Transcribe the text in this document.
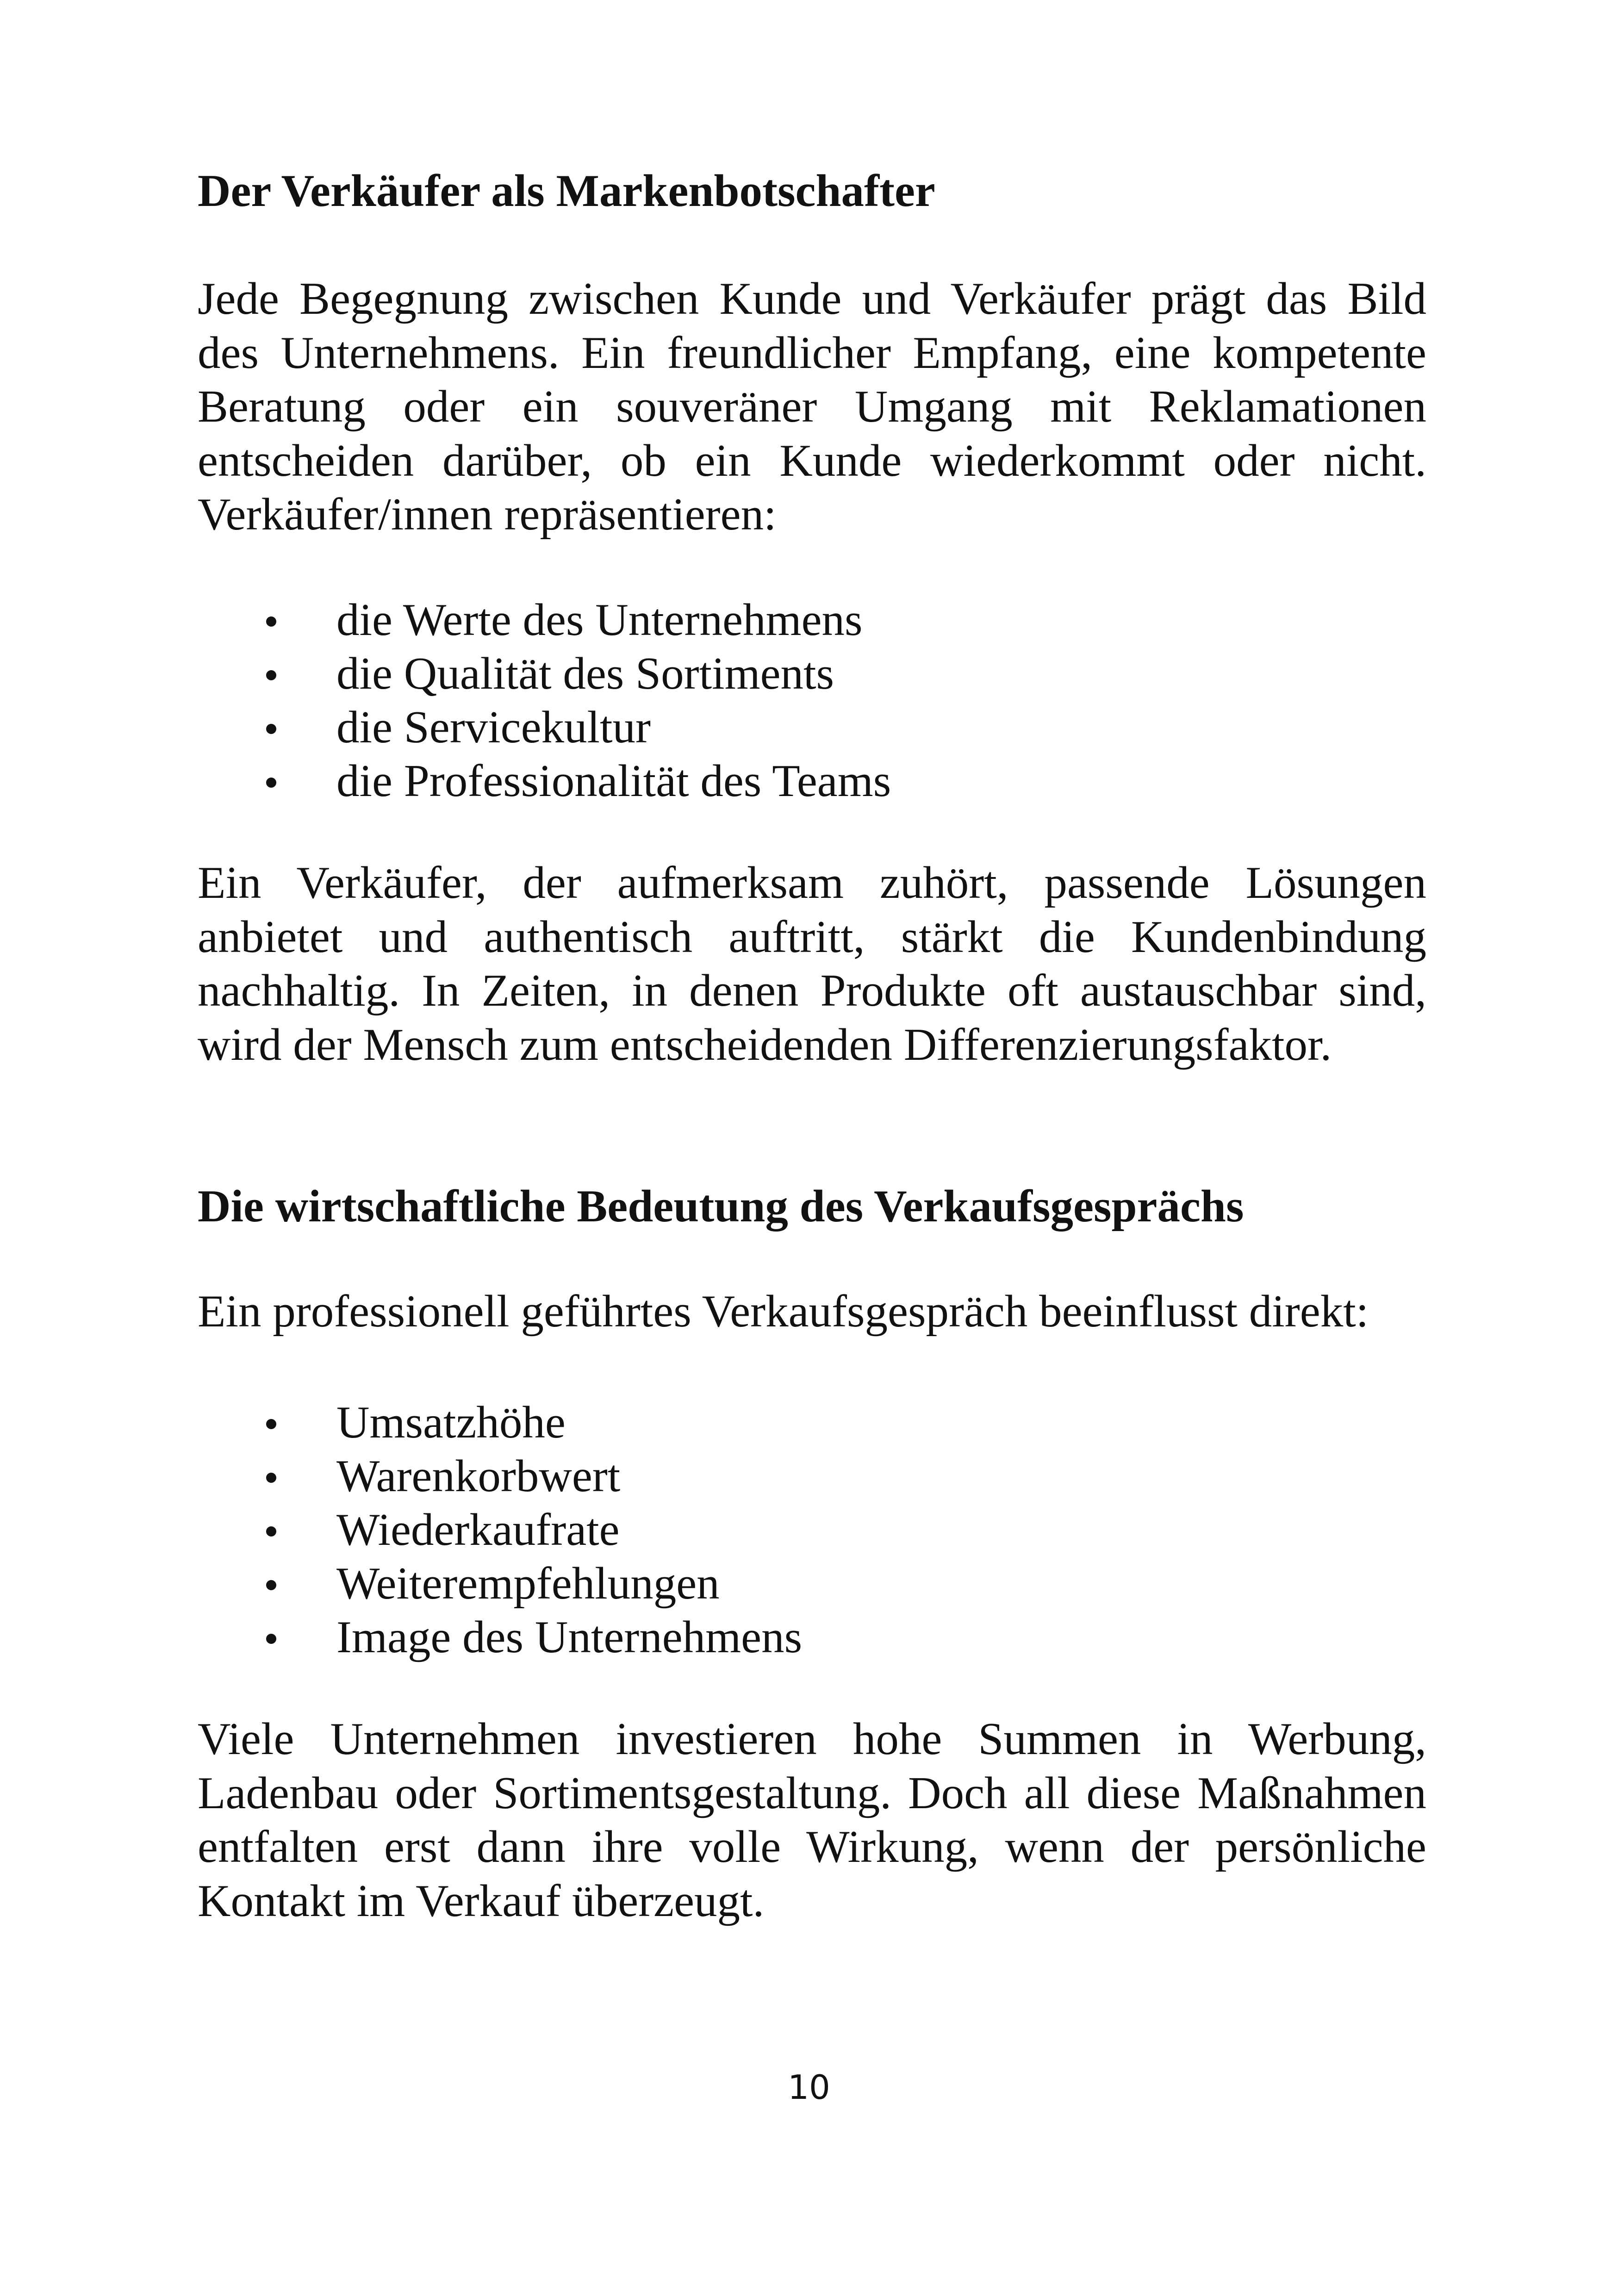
Der Verkäufer als Markenbotschafter

Jede Begegnung zwischen Kunde und Verkäufer prägt das Bild des Unternehmens. Ein freundlicher Empfang, eine kompetente Beratung oder ein souveräner Umgang mit Reklamationen entscheiden darüber, ob ein Kunde wiederkommt oder nicht. Verkäufer/innen repräsentieren:

die Werte des Unternehmens
die Qualität des Sortiments
die Servicekultur
die Professionalität des Teams

Ein Verkäufer, der aufmerksam zuhört, passende Lösungen anbietet und authentisch auftritt, stärkt die Kundenbindung nachhaltig. In Zeiten, in denen Produkte oft austauschbar sind, wird der Mensch zum entscheidenden Differenzierungsfaktor.

Die wirtschaftliche Bedeutung des Verkaufsgesprächs

Ein professionell geführtes Verkaufsgespräch beeinflusst direkt:

Umsatzhöhe
Warenkorbwert
Wiederkaufrate
Weiterempfehlungen
Image des Unternehmens

Viele Unternehmen investieren hohe Summen in Werbung, Ladenbau oder Sortimentsgestaltung. Doch all diese Maßnahmen entfalten erst dann ihre volle Wirkung, wenn der persönliche Kontakt im Verkauf überzeugt.

10
